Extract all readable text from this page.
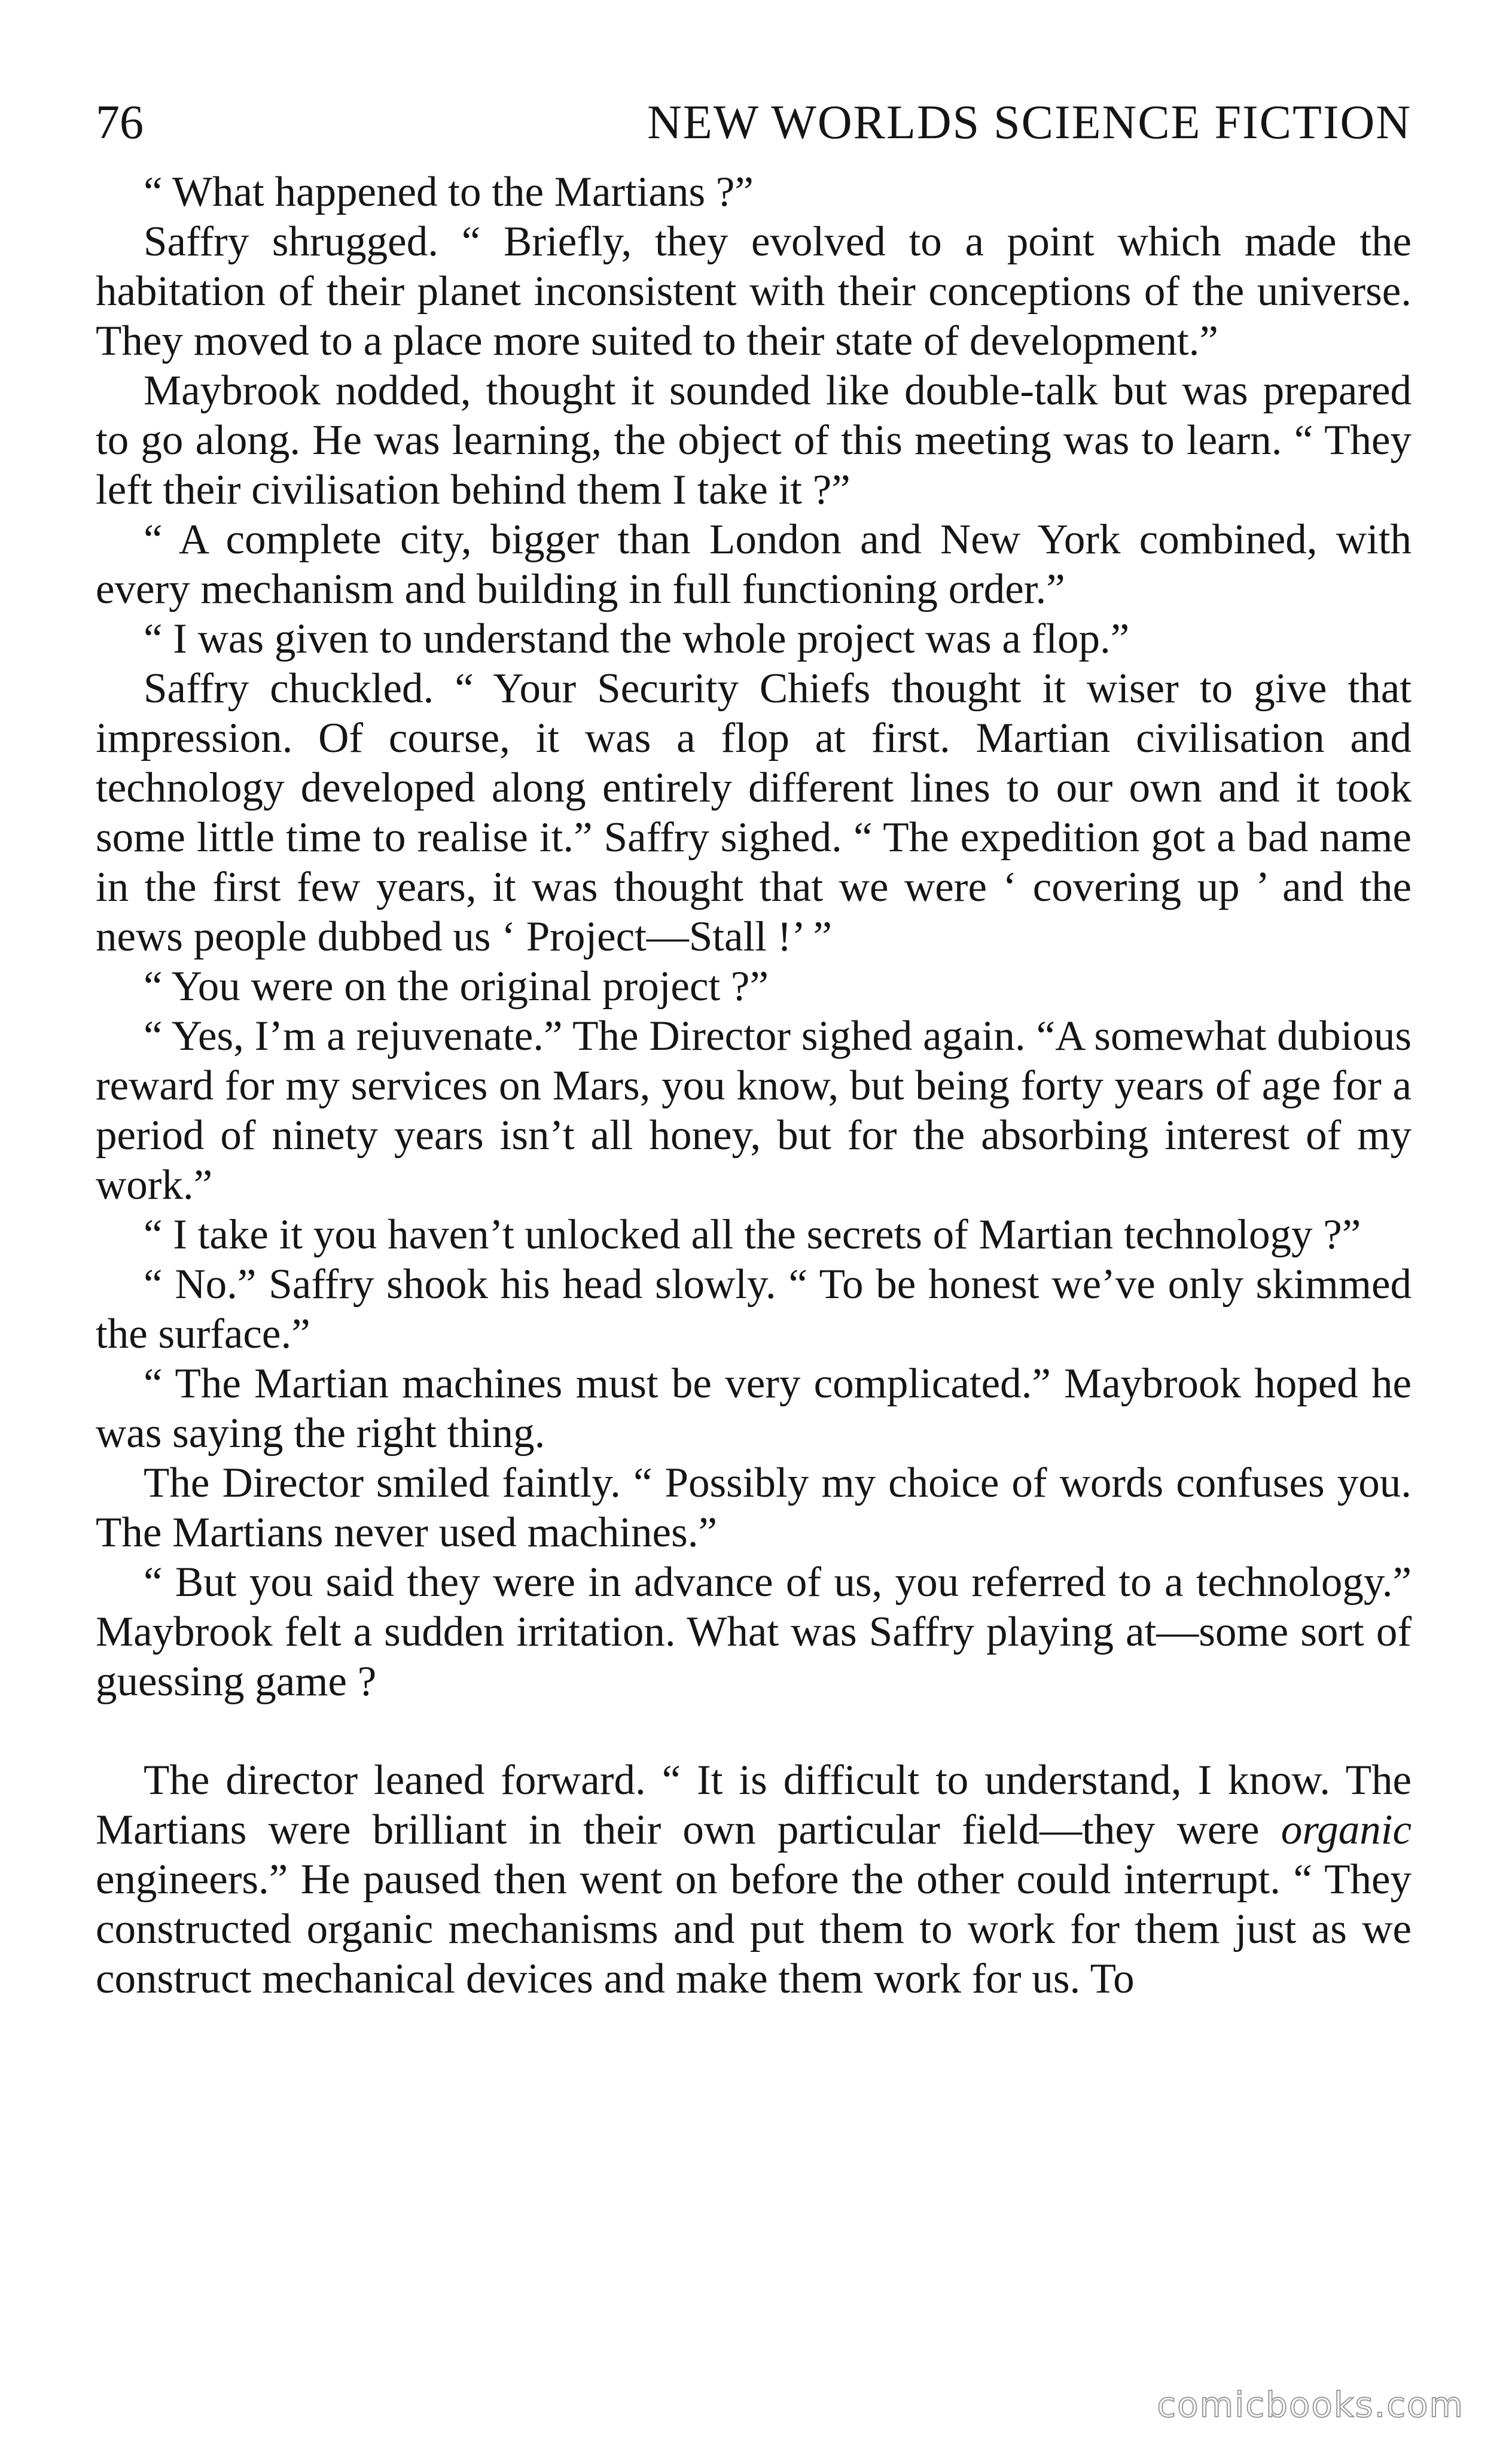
76	NEW WORLDS SCIENCE FICTION

“ What happened to the Martians ?”

Saffry shrugged. “ Briefly, they evolved to a point which made the habitation of their planet inconsistent with their conceptions of the universe. They moved to a place more suited to their state of development.”

Maybrook nodded, thought it sounded like double-talk but was prepared to go along. He was learning, the object of this meeting was to learn. “ They left their civilisation behind them I take it ?”

“ A complete city, bigger than London and New York combined, with every mechanism and building in full functioning order.”

“ I was given to understand the whole project was a flop.”

Saffry chuckled. “ Your Security Chiefs thought it wiser to give that impression. Of course, it was a flop at first. Martian civilisation and technology developed along entirely different lines to our own and it took some little time to realise it.” Saffry sighed. “ The expedition got a bad name in the first few years, it was thought that we were ‘ covering up ’ and the news people dubbed us ‘ Project—Stall !’ ”

“ You were on the original project ?”

“ Yes, I’m a rejuvenate.” The Director sighed again. “A somewhat dubious reward for my services on Mars, you know, but being forty years of age for a period of ninety years isn’t all honey, but for the absorbing interest of my work.”

“ I take it you haven’t unlocked all the secrets of Martian technology ?”

“ No.” Saffry shook his head slowly. “ To be honest we’ve only skimmed the surface.”

“ The Martian machines must be very complicated.” Maybrook hoped he was saying the right thing.

The Director smiled faintly. “ Possibly my choice of words confuses you. The Martians never used machines.”

“ But you said they were in advance of us, you referred to a technology.” Maybrook felt a sudden irritation. What was Saffry playing at—some sort of guessing game ?

The director leaned forward. “ It is difficult to understand, I know. The Martians were brilliant in their own particular field—they were organic engineers.” He paused then went on before the other could interrupt. “ They constructed organic mechanisms and put them to work for them just as we construct mechanical devices and make them work for us. To

comicbooks.com
